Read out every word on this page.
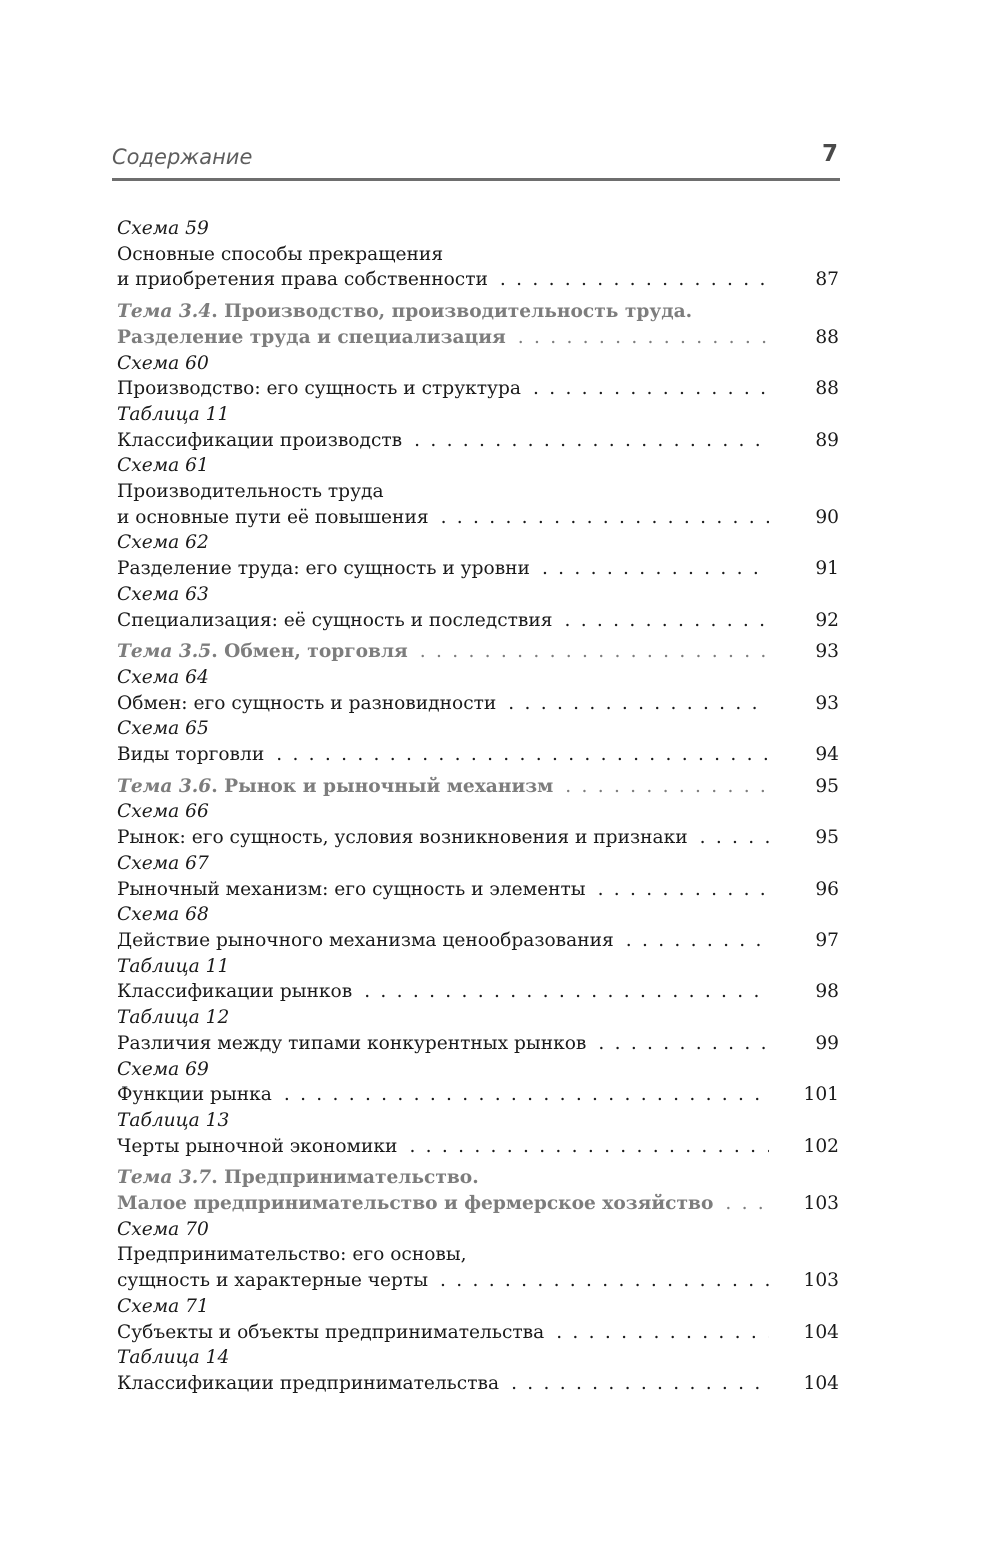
Содержание	7
Схема 59
Основные способы прекращения
и приобретения права собственности . . .	87
Тема 3.4. Производство, производительность труда.
Разделение труда и специализация . . .	88
Схема 60
Производство: его сущность и структура . . .	88
Таблица 11
Классификации производств . . .	89
Схема 61
Производительность труда
и основные пути её повышения . . .	90
Схема 62
Разделение труда: его сущность и уровни . . .	91
Схема 63
Специализация: её сущность и последствия . . .	92
Тема 3.5. Обмен, торговля . . .	93
Схема 64
Обмен: его сущность и разновидности . . .	93
Схема 65
Виды торговли . . .	94
Тема 3.6. Рынок и рыночный механизм . . .	95
Схема 66
Рынок: его сущность, условия возникновения и признаки . . .	95
Схема 67
Рыночный механизм: его сущность и элементы . . .	96
Схема 68
Действие рыночного механизма ценообразования . . .	97
Таблица 11
Классификации рынков . . .	98
Таблица 12
Различия между типами конкурентных рынков . . .	99
Схема 69
Функции рынка . . .	101
Таблица 13
Черты рыночной экономики . . .	102
Тема 3.7. Предпринимательство.
Малое предпринимательство и фермерское хозяйство . . .	103
Схема 70
Предпринимательство: его основы,
сущность и характерные черты . . .	103
Схема 71
Субъекты и объекты предпринимательства . . .	104
Таблица 14
Классификации предпринимательства . . .	104
